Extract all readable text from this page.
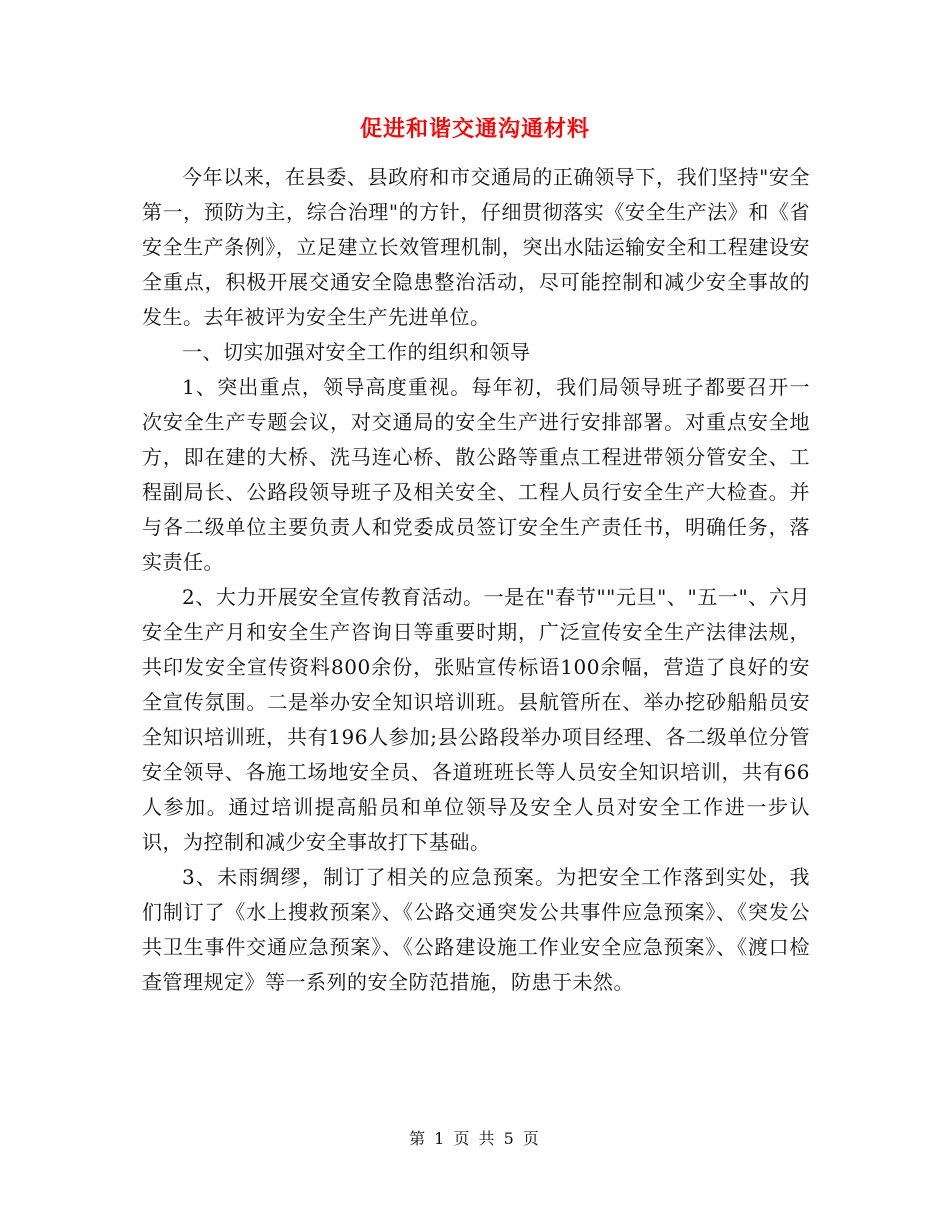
促进和谐交通沟通材料

今年以来，在县委、县政府和市交通局的正确领导下，我们坚持"安全第一，预防为主，综合治理"的方针，仔细贯彻落实《安全生产法》和《省安全生产条例》，立足建立长效管理机制，突出水陆运输安全和工程建设安全重点，积极开展交通安全隐患整治活动，尽可能控制和减少安全事故的发生。去年被评为安全生产先进单位。

一、切实加强对安全工作的组织和领导

1、突出重点，领导高度重视。每年初，我们局领导班子都要召开一次安全生产专题会议，对交通局的安全生产进行安排部署。对重点安全地方，即在建的大桥、洗马连心桥、散公路等重点工程进带领分管安全、工程副局长、公路段领导班子及相关安全、工程人员行安全生产大检查。并与各二级单位主要负责人和党委成员签订安全生产责任书，明确任务，落实责任。

2、大力开展安全宣传教育活动。一是在"春节""元旦"、"五一"、六月安全生产月和安全生产咨询日等重要时期，广泛宣传安全生产法律法规，共印发安全宣传资料800余份，张贴宣传标语100余幅，营造了良好的安全宣传氛围。二是举办安全知识培训班。县航管所在、举办挖砂船船员安全知识培训班，共有196人参加;县公路段举办项目经理、各二级单位分管安全领导、各施工场地安全员、各道班班长等人员安全知识培训，共有66人参加。通过培训提高船员和单位领导及安全人员对安全工作进一步认识，为控制和减少安全事故打下基础。

3、未雨绸缪，制订了相关的应急预案。为把安全工作落到实处，我们制订了《水上搜救预案》、《公路交通突发公共事件应急预案》、《突发公共卫生事件交通应急预案》、《公路建设施工作业安全应急预案》、《渡口检查管理规定》等一系列的安全防范措施，防患于未然。

第 1 页 共 5 页
